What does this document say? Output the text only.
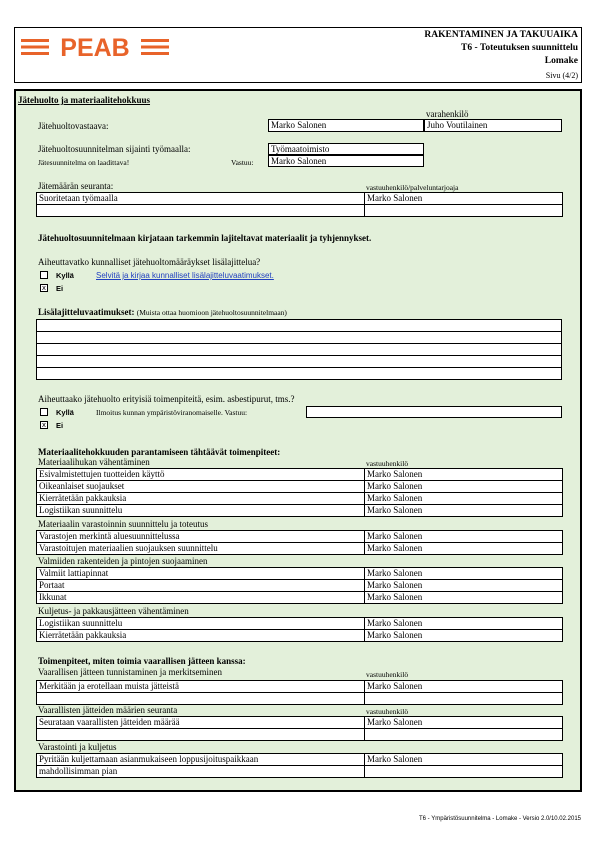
PEAB	RAKENTAMINEN JA TAKUUAIKA
T6 - Toteutuksen suunnittelu
Lomake
Sivu (4/2)
Jätehuolto ja materiaalitehokkuus
varahenkilö
Jätehuoltovastaava:	Marko Salonen	Juho Voutilainen
Jätehuoltosuunnitelman sijainti työmaalla:	Työmaatoimisto
Jätesuunnitelma on laadittava!	Vastuu:	Marko Salonen
Jätemäärän seuranta:	vastuuhenkilö/palveluntarjoaja
Suoritetaan työmaalla	Marko Salonen

Jätehuoltosuunnitelmaan kirjataan tarkemmin lajiteltavat materiaalit ja tyhjennykset.
Aiheuttavatko kunnalliset jätehuoltomääräykset lisälajittelua?
Kyllä	Selvitä ja kirjaa kunnalliset lisälajitteluvaatimukset.
x Ei
Lisälajitteluvaatimukset: (Muista ottaa huomioon jätehuoltosuunnitelmaan)

Aiheuttaako jätehuolto erityisiä toimenpiteitä, esim. asbestipurut, tms.?
Kyllä	Ilmoitus kunnan ympäristöviranomaiselle. Vastuu:
x Ei
Materiaalitehokkuuden parantamiseen tähtäävät toimenpiteet:
Materiaalihukan vähentäminen	vastuuhenkilö
Esivalmistettujen tuotteiden käyttö	Marko Salonen
Oikeanlaiset suojaukset	Marko Salonen
Kierrätetään pakkauksia	Marko Salonen
Logistiikan suunnittelu	Marko Salonen
Materiaalin varastoinnin suunnittelu ja toteutus
Varastojen merkintä aluesuunnittelussa	Marko Salonen
Varastoitujen materiaalien suojauksen suunnittelu	Marko Salonen
Valmiiden rakenteiden ja pintojen suojaaminen
Valmiit lattiapinnat	Marko Salonen
Portaat	Marko Salonen
Ikkunat	Marko Salonen
Kuljetus- ja pakkausjätteen vähentäminen
Logistiikan suunnittelu	Marko Salonen
Kierrätetään pakkauksia	Marko Salonen
Toimenpiteet, miten toimia vaarallisen jätteen kanssa:
Vaarallisen jätteen tunnistaminen ja merkitseminen	vastuuhenkilö
Merkitään ja erotellaan muista jätteistä	Marko Salonen

Vaarallisten jätteiden määrien seuranta	vastuuhenkilö
Seurataan vaarallisten jätteiden määrää	Marko Salonen

Varastointi ja kuljetus
Pyritään kuljettamaan asianmukaiseen loppusijoituspaikkaan	Marko Salonen
mahdollisimman pian	
T6 - Ympäristösuunnitelma - Lomake - Versio 2.0/10.02.2015
